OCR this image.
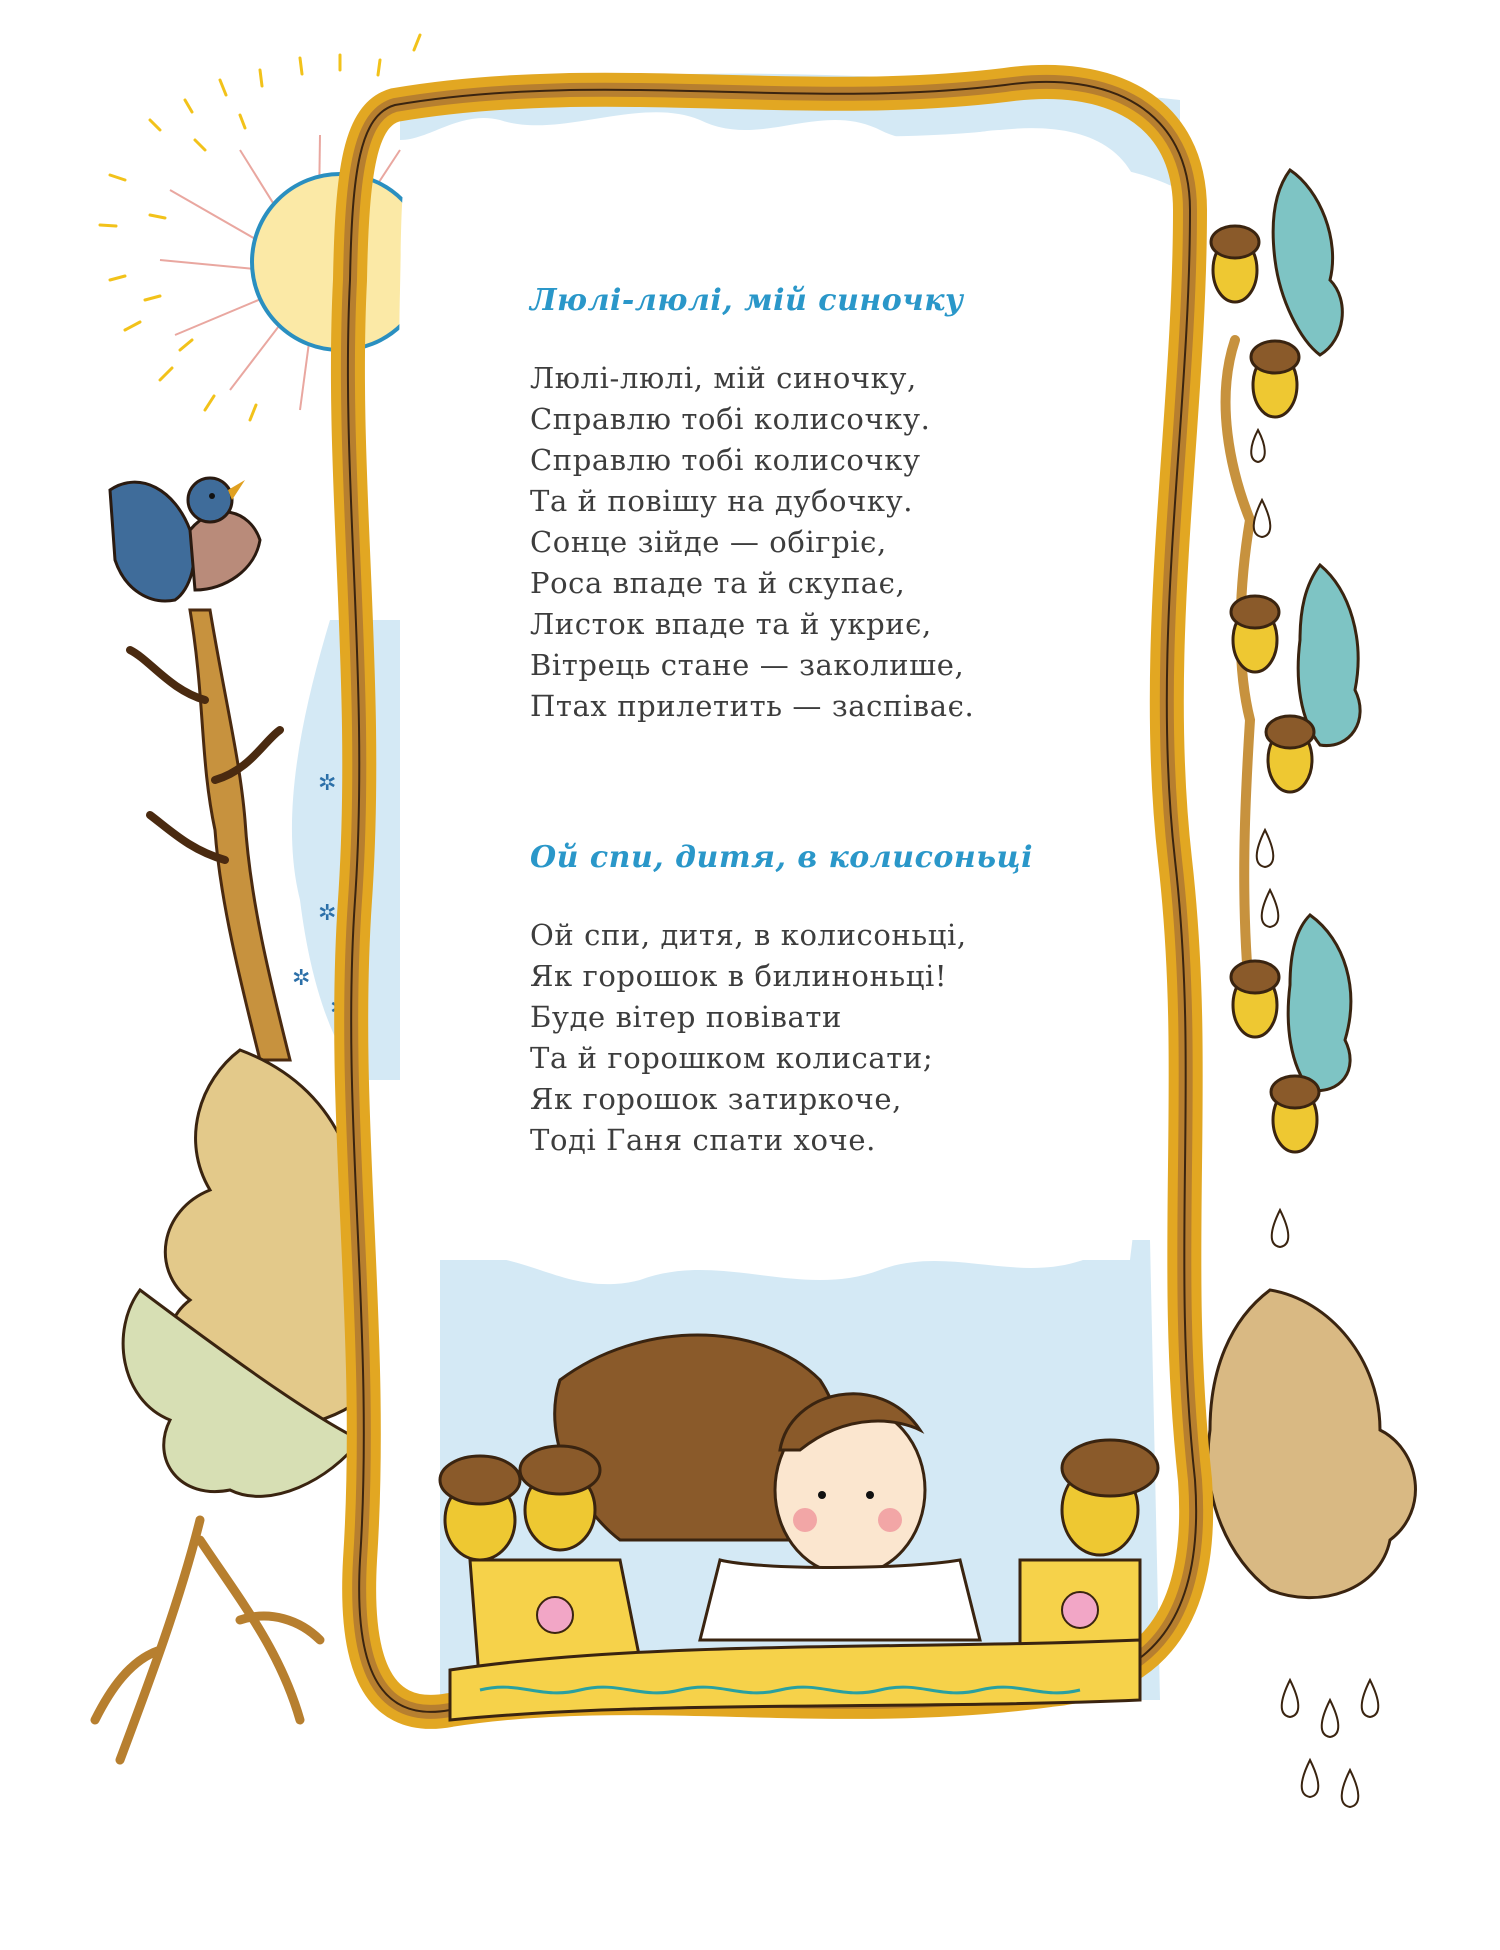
✲
✲
✲
✲
✲
Люлі-люлі, мій синочку
Люлі-люлі, мій синочку,
Справлю тобі колисочку.
Справлю тобі колисочку
Та й повішу на дубочку.
Сонце зійде — обігріє,
Роса впаде та й скупає,
Листок впаде та й укриє,
Вітрець стане — заколише,
Птах прилетить — заспіває.
Ой спи, дитя, в колисоньці
Ой спи, дитя, в колисоньці,
Як горошок в билиноньці!
Буде вітер повівати
Та й горошком колисати;
Як горошок затиркоче,
Тоді Ганя спати хоче.
